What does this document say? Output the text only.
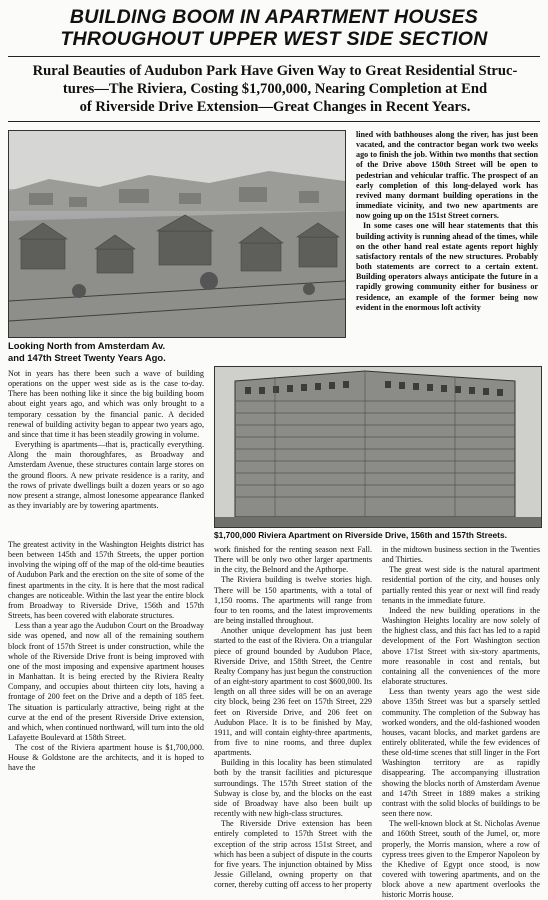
BUILDING BOOM IN APARTMENT HOUSES
THROUGHOUT UPPER WEST SIDE SECTION
Rural Beauties of Audubon Park Have Given Way to Great Residential Struc-
tures—The Riviera, Costing $1,700,000, Nearing Completion at End
of Riverside Drive Extension—Great Changes in Recent Years.
Looking North from Amsterdam Av.
and 147th Street Twenty Years Ago.

lined with bathhouses along the river, has just been vacated, and the contractor began work two weeks ago to finish the job. Within two months that section of the Drive above 150th Street will be open to pedestrian and vehicular traffic. The prospect of an early completion of this long-delayed work has revived many dormant building operations in the immediate vicinity, and two new apartments are now going up on the 151st Street corners.

In some cases one will hear statements that this building activity is running ahead of the times, while on the other hand real estate agents report highly satisfactory rentals of the new structures. Probably both statements are correct to a certain extent. Building operators always anticipate the future in a rapidly growing community either for business or residence, an example of the former being now evident in the enormous loft activity

$1,700,000 Riviera Apartment on Riverside Drive, 156th and 157th Streets.

Not in years has there been such a wave of building operations on the upper west side as is the case to-day. There has been nothing like it since the big building boom about eight years ago, and which was only brought to a temporary cessation by the financial panic. A decided renewal of building activity began to appear two years ago, and since that time it has been steadily growing in volume.

Everything is apartments—that is, practically everything. Along the main thoroughfares, as Broadway and Amsterdam Avenue, these structures contain large stores on the ground floors. A new private residence is a rarity, and the rows of private dwellings built a dozen years or so ago now present a strange, almost lonesome appearance flanked as they invariably are by towering apartments.

The greatest activity in the Washington Heights district has been between 145th and 157th Streets, the upper portion involving the wiping off of the map of the old-time beauties of Audubon Park and the erection on the site of some of the finest apartments in the city. It is here that the most radical changes are noticeable. Within the last year the entire block from Broadway to Riverside Drive, 156th and 157th Streets, has been covered with elaborate structures.

Less than a year ago the Audubon Court on the Broadway side was opened, and now all of the remaining southern block front of 157th Street is under construction, while the whole of the Riverside Drive front is being improved with one of the most imposing and expensive apartment houses in Manhattan. It is being erected by the Riviera Realty Company, and occupies about thirteen city lots, having a frontage of 200 feet on the Drive and a depth of 185 feet. The situation is particularly attractive, being right at the curve at the end of the present Riverside Drive extension, and which, when continued northward, will turn into the old Lafayette Boulevard at 158th Street.

The cost of the Riviera apartment house is $1,700,000. House & Goldstone are the architects, and it is hoped to have the

work finished for the renting season next Fall. There will be only two other larger apartments in the city, the Belnord and the Apthorpe.

The Riviera building is twelve stories high. There will be 150 apartments, with a total of 1,150 rooms. The apartments will range from four to ten rooms, and the latest improvements are being installed throughout.

Another unique development has just been started to the east of the Riviera. On a triangular piece of ground bounded by Audubon Place, Riverside Drive, and 158th Street, the Centre Realty Company has just begun the construction of an eight-story apartment to cost $600,000. Its length on all three sides will be on an average city block, being 236 feet on 157th Street, 229 feet on Riverside Drive, and 206 feet on Audubon Place. It is to be finished by May, 1911, and will contain eighty-three apartments, from five to nine rooms, and three duplex apartments.

Building in this locality has been stimulated both by the transit facilities and picturesque surroundings. The 157th Street station of the Subway is close by, and the blocks on the east side of Broadway have also been built up recently with new high-class structures.

The Riverside Drive extension has been entirely completed to 157th Street with the exception of the strip across 151st Street, and which has been a subject of dispute in the courts for five years. The injunction obtained by Miss Jessie Gilleland, owning property on that corner, thereby cutting off access to her property

in the midtown business section in the Twenties and Thirties.

The great west side is the natural apartment residential portion of the city, and houses only partially rented this year or next will find ready tenants in the immediate future.

Indeed the new building operations in the Washington Heights locality are now solely of the highest class, and this fact has led to a rapid development of the Fort Washington section above 171st Street with six-story apartments, more reasonable in cost and rentals, but containing all the conveniences of the more elaborate structures.

Less than twenty years ago the west side above 135th Street was but a sparsely settled community. The completion of the Subway has worked wonders, and the old-fashioned wooden houses, vacant blocks, and market gardens are entirely obliterated, while the few evidences of these old-time scenes that still linger in the Fort Washington territory are as rapidly disappearing. The accompanying illustration showing the blocks north of Amsterdam Avenue and 147th Street in 1889 makes a striking contrast with the solid blocks of buildings to be seen there now.

The well-known block at St. Nicholas Avenue and 160th Street, south of the Jumel, or, more properly, the Morris mansion, where a row of cypress trees given to the Emperor Napoleon by the Khedive of Egypt once stood, is now covered with towering apartments, and on the block above a new apartment overlooks the historic Morris house.
